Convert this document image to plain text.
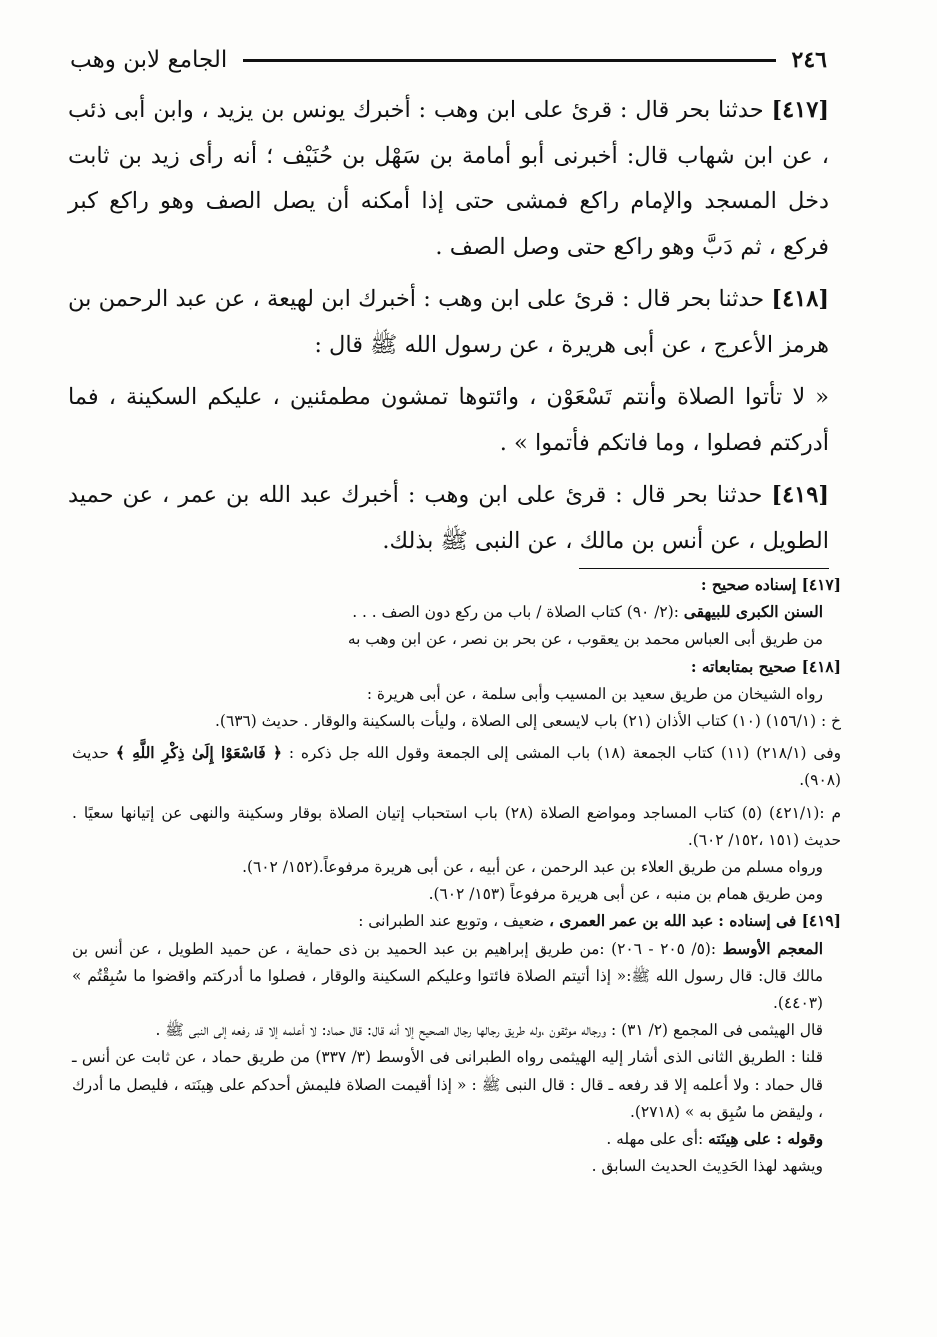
الجامع لابن وهب	٢٤٦

[٤١٧] حدثنا بحر قال : قرئ على ابن وهب : أخبرك يونس بن يزيد ، وابن أبى ذئب ، عن ابن شهاب قال: أخبرنى أبو أمامة بن سَهْل بن حُنَيْف ؛ أنه رأى زيد بن ثابت دخل المسجد والإمام راكع فمشى حتى إذا أمكنه أن يصل الصف وهو راكع كبر فركع ، ثم دَبَّ وهو راكع حتى وصل الصف .

[٤١٨] حدثنا بحر قال : قرئ على ابن وهب : أخبرك ابن لهيعة ، عن عبد الرحمن بن هرمز الأعرج ، عن أبى هريرة ، عن رسول الله ﷺ قال :

« لا تأتوا الصلاة وأنتم تَسْعَوْن ، وائتوها تمشون مطمئنين ، عليكم السكينة ، فما أدركتم فصلوا ، وما فاتكم فأتموا » .

[٤١٩] حدثنا بحر قال : قرئ على ابن وهب : أخبرك عبد الله بن عمر ، عن حميد الطويل ، عن أنس بن مالك ، عن النبى ﷺ بذلك.

[٤١٧] إسناده صحيح :

السنن الكبرى للبيهقى :(٢/ ٩٠) كتاب الصلاة / باب من ركع دون الصف . . .

من طريق أبى العباس محمد بن يعقوب ، عن بحر بن نصر ، عن ابن وهب به

[٤١٨] صحيح بمتابعاته :

رواه الشيخان من طريق سعيد بن المسيب وأبى سلمة ، عن أبى هريرة :

خ : (١٥٦/١) (١٠) كتاب الأذان (٢١) باب لايسعى إلى الصلاة ، وليأت بالسكينة والوقار . حديث (٦٣٦).

وفى (٢١٨/١) (١١) كتاب الجمعة (١٨) باب المشى إلى الجمعة وقول الله جل ذكره : ﴿ فَاسْعَوْا إِلَىٰ ذِكْرِ اللَّهِ ﴾ حديث (٩٠٨).

م :(٤٢١/١) (٥) كتاب المساجد ومواضع الصلاة (٢٨) باب استحباب إتيان الصلاة بوقار وسكينة والنهى عن إتيانها سعيًا . حديث (١٥١ ،١٥٢/ ٦٠٢).

ورواه مسلم من طريق العلاء بن عبد الرحمن ، عن أبيه ، عن أبى هريرة مرفوعاً.(١٥٢/ ٦٠٢).

ومن طريق همام بن منبه ، عن أبى هريرة مرفوعاً (١٥٣/ ٦٠٢).

[٤١٩] فى إسناده : عبد الله بن عمر العمرى ، ضعيف ، وتوبع عند الطبرانى :

المعجم الأوسط :(٥/ ٢٠٥ - ٢٠٦) :من طريق إبراهيم بن عبد الحميد بن ذى حماية ، عن حميد الطويل ، عن أنس بن مالك قال: قال رسول الله ﷺ:« إذا أتيتم الصلاة فائتوا وعليكم السكينة والوقار ، فصلوا ما أدركتم واقضوا ما سُبِقْتُم » (٤٤٠٣).

قال الهيثمى فى المجمع (٢/ ٣١) : ورجاله موثقون ،وله طريق رجالها رجال الصحيح إلا أنه قال: قال حماد: لا أعلمه إلا قد رفعه إلى النبى ﷺ .

قلنا : الطريق الثانى الذى أشار إليه الهيثمى رواه الطبرانى فى الأوسط (٣/ ٣٣٧) من طريق حماد ، عن ثابت عن أنس ـ قال حماد : ولا أعلمه إلا قد رفعه ـ قال : قال النبى ﷺ : « إذا أقيمت الصلاة فليمش أحدكم على هِينَته ، فليصل ما أدرك ، وليقض ما سُبِق به » (٢٧١٨).

وقوله : على هِينَته :أى على مهله .

ويشهد لهذا الحَدِيث الحديث السابق .
